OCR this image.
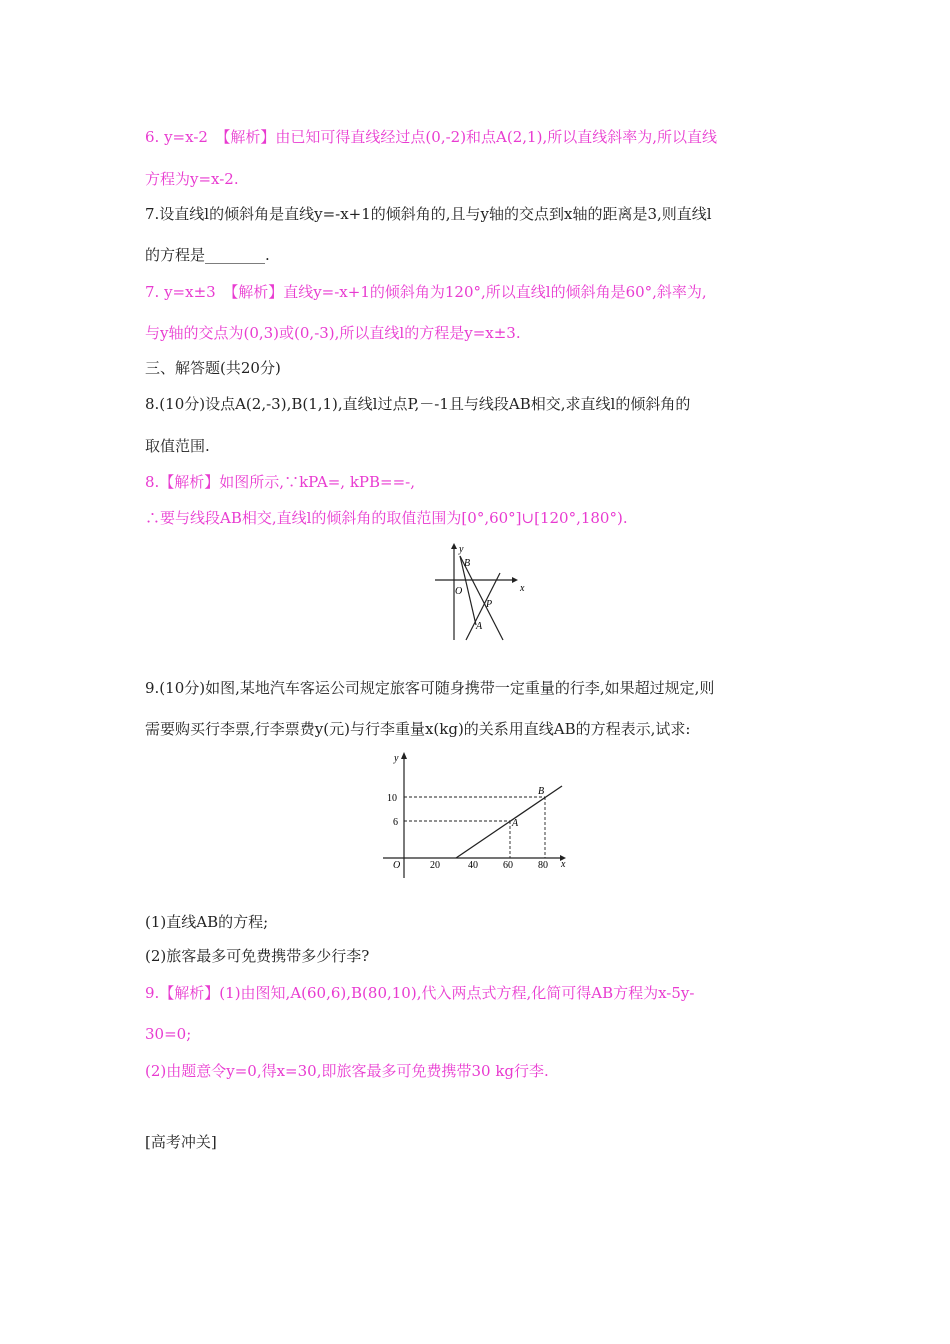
6. y=x-2　【解析】由已知可得直线经过点(0,-2)和点A(2,1),所以直线斜率为,所以直线
方程为y=x-2.
7.设直线l的倾斜角是直线y=-x+1的倾斜角的,且与y轴的交点到x轴的距离是3,则直线l
的方程是________.
7. y=x±3　【解析】直线y=-x+1的倾斜角为120°,所以直线l的倾斜角是60°,斜率为,
与y轴的交点为(0,3)或(0,-3),所以直线l的方程是y=x±3.
三、解答题(共20分)
8.(10分)设点A(2,-3),B(1,1),直线l过点P,－-1且与线段AB相交,求直线l的倾斜角的
取值范围.
8.【解析】如图所示,∵kPA=, kPB==-,
∴要与线段AB相交,直线l的倾斜角的取值范围为[0°,60°]∪[120°,180°).
y
x
O
B
P
A
9.(10分)如图,某地汽车客运公司规定旅客可随身携带一定重量的行李,如果超过规定,则
需要购买行李票,行李票费y(元)与行李重量x(kg)的关系用直线AB的方程表示,试求:
y
x
O
10
6
20	40	60	80
A
B
(1)直线AB的方程;
(2)旅客最多可免费携带多少行李?
9.【解析】(1)由图知,A(60,6),B(80,10),代入两点式方程,化简可得AB方程为x-5y-
30=0;
(2)由题意令y=0,得x=30,即旅客最多可免费携带30 kg行李.
[高考冲关]
